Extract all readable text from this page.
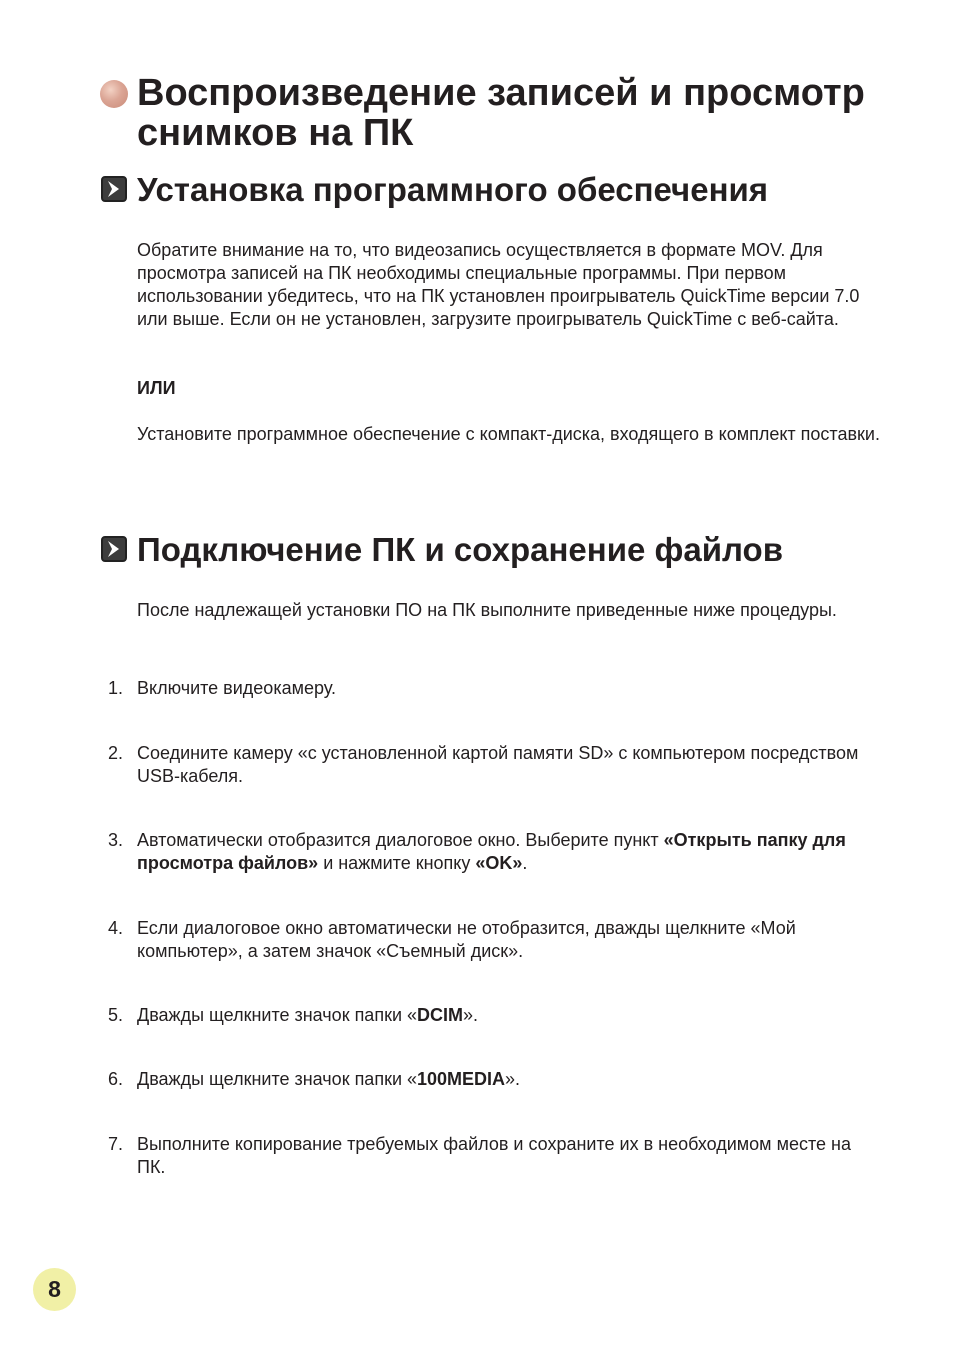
Воспроизведение записей и просмотр
снимков на ПК
Установка программного обеспечения

Обратите внимание на то, что видеозапись осуществляется в формате MOV. Для просмотра записей на ПК необходимы специальные программы. При первом использовании убедитесь, что на ПК установлен проигрыватель QuickTime версии 7.0 или выше. Если он не установлен, загрузите проигрыватель QuickTime с веб-сайта.

ИЛИ

Установите программное обеспечение с компакт-диска, входящего в комплект поставки.

Подключение ПК и сохранение файлов

После надлежащей установки ПО на ПК выполните приведенные ниже процедуры.

1. Включите видеокамеру.
2. Соедините камеру «с установленной картой памяти SD» с компьютером посредством USB-кабеля.
3. Автоматически отобразится диалоговое окно. Выберите пункт «Открыть папку для просмотра файлов» и нажмите кнопку «OK».
4. Если диалоговое окно автоматически не отобразится, дважды щелкните «Мой компьютер», а затем значок «Съемный диск».
5. Дважды щелкните значок папки «DCIM».
6. Дважды щелкните значок папки «100MEDIA».
7. Выполните копирование требуемых файлов и сохраните их в необходимом месте на ПК.
8
